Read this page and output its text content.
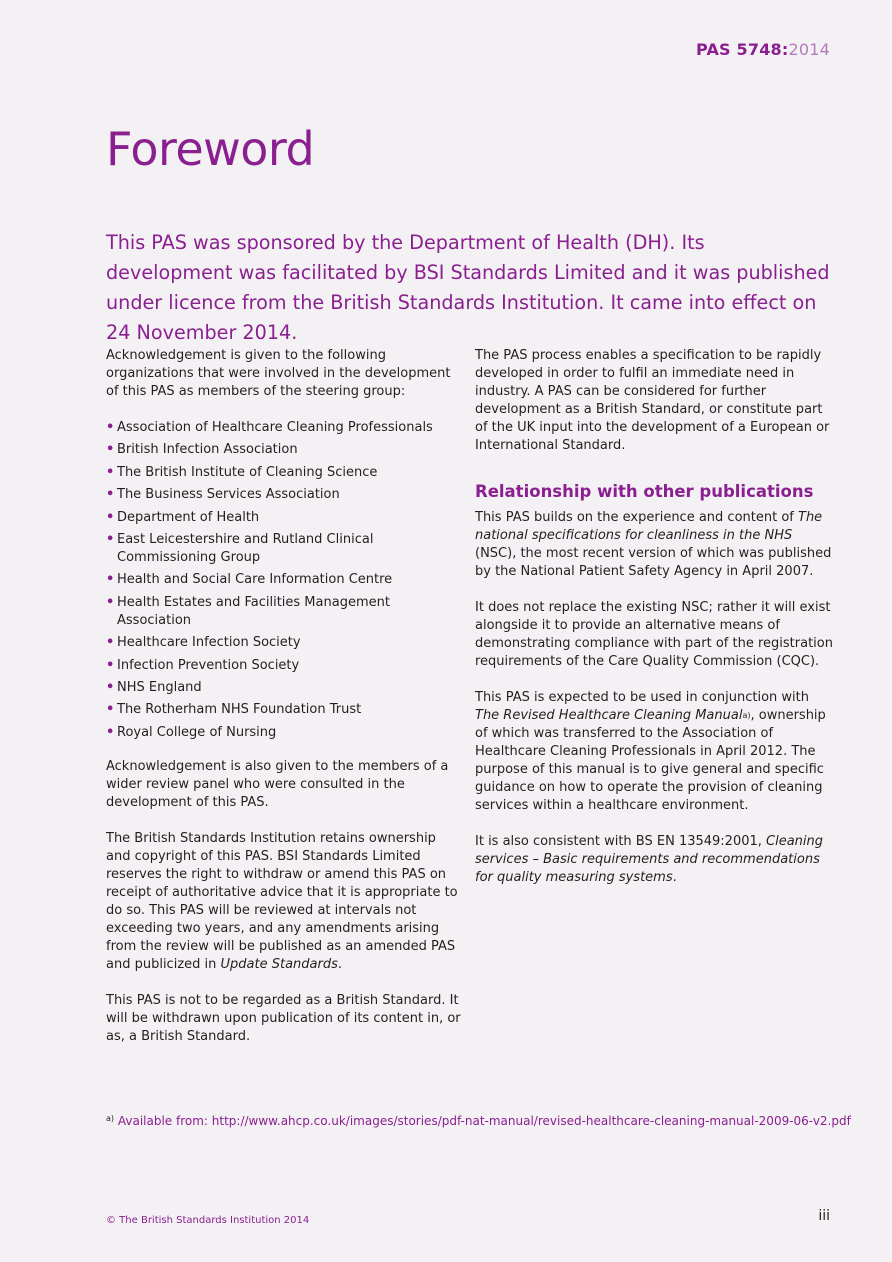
PAS 5748:2014
Foreword
This PAS was sponsored by the Department of Health (DH). Its development was facilitated by BSI Standards Limited and it was published under licence from the British Standards Institution. It came into effect on 24 November 2014.

Acknowledgement is given to the following organizations that were involved in the development of this PAS as members of the steering group:

• Association of Healthcare Cleaning Professionals
• British Infection Association
• The British Institute of Cleaning Science
• The Business Services Association
• Department of Health
• East Leicestershire and Rutland Clinical Commissioning Group
• Health and Social Care Information Centre
• Health Estates and Facilities Management Association
• Healthcare Infection Society
• Infection Prevention Society
• NHS England
• The Rotherham NHS Foundation Trust
• Royal College of Nursing

Acknowledgement is also given to the members of a wider review panel who were consulted in the development of this PAS.

The British Standards Institution retains ownership and copyright of this PAS. BSI Standards Limited reserves the right to withdraw or amend this PAS on receipt of authoritative advice that it is appropriate to do so. This PAS will be reviewed at intervals not exceeding two years, and any amendments arising from the review will be published as an amended PAS and publicized in Update Standards.

This PAS is not to be regarded as a British Standard. It will be withdrawn upon publication of its content in, or as, a British Standard.

The PAS process enables a specification to be rapidly developed in order to fulfil an immediate need in industry. A PAS can be considered for further development as a British Standard, or constitute part of the UK input into the development of a European or International Standard.

Relationship with other publications

This PAS builds on the experience and content of The national specifications for cleanliness in the NHS (NSC), the most recent version of which was published by the National Patient Safety Agency in April 2007.

It does not replace the existing NSC; rather it will exist alongside it to provide an alternative means of demonstrating compliance with part of the registration requirements of the Care Quality Commission (CQC).

This PAS is expected to be used in conjunction with The Revised Healthcare Cleaning Manual$^{a)}$, ownership of which was transferred to the Association of Healthcare Cleaning Professionals in April 2012. The purpose of this manual is to give general and specific guidance on how to operate the provision of cleaning services within a healthcare environment.

It is also consistent with BS EN 13549:2001, Cleaning services – Basic requirements and recommendations for quality measuring systems.

$^{a)}$ Available from: http://www.ahcp.co.uk/images/stories/pdf-nat-manual/revised-healthcare-cleaning-manual-2009-06-v2.pdf
© The British Standards Institution 2014	iii
